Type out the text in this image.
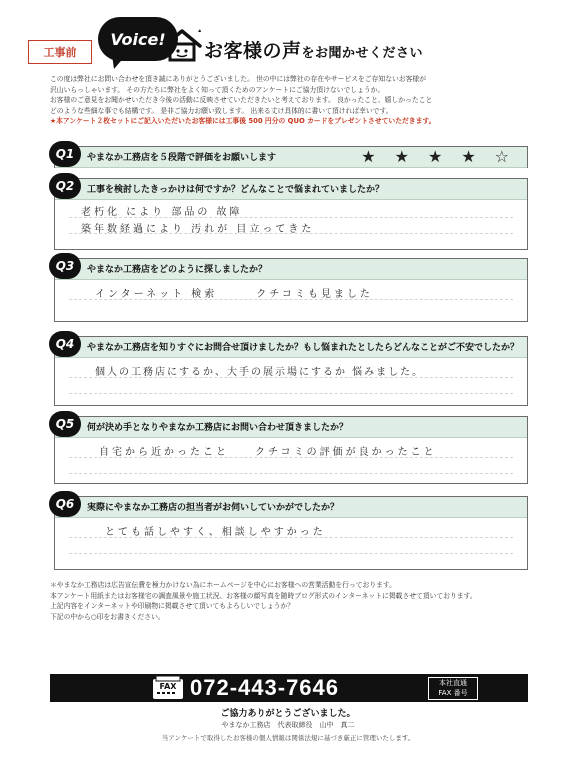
工事前
Voice!
お客様の声をお聞かせください

この度は弊社にお問い合わせを頂き誠にありがとうございました。 世の中には弊社の存在やサービスをご存知ないお客様が

沢山いらっしゃいます。 その方たちに弊社をよく知って頂くためのアンケートにご協力頂けないでしょうか。

お客様のご意見をお聞かせいただき今後の活動に反映させていただきたいと考えております。 良かったこと、嬉しかったこと

どのような些細な事でも結構です。 是非ご協力お願い致します。 出来る丈け具体的に書いて頂ければ幸いです。

★本アンケート２枚セットにご記入いただいたお客様には工事後 500 円分の QUO カードをプレゼントさせていただきます。

Q1	やまなか工務店を５段階で評価をお願いします	★ ★ ★ ★ ☆
Q2	工事を検討したきっかけは何ですか？どんなことで悩まれていましたか？
老朽化 により 部品の 故障
築年数経過により 汚れが 目立ってきた
Q3	やまなか工務店をどのように探しましたか？
インターネット 検索　　　クチコミも見ました
Q4	やまなか工務店を知りすぐにお問合せ頂けましたか？もし悩まれたとしたらどんなことがご不安でしたか？
個人の工務店にするか、大手の展示場にするか 悩みました。
Q5	何が決め手となりやまなか工務店にお問い合わせ頂きましたか？
自宅から近かったこと　　クチコミの評価が良かったこと
Q6	実際にやまなか工務店の担当者がお伺いしていかがでしたか？
とても話しやすく、相談しやすかった

＊やまなか工務店は広告宣伝費を極力かけない為にホームページを中心にお客様への営業活動を行っております。

本アンケート用紙またはお客様宅の調査風景や施工状況、お客様の顔写真を随時ブログ形式のインターネットに掲載させて頂いております。

上記内容をインターネットや印刷物に掲載させて頂いてもよろしいでしょうか？

下記の中から○印をお書きください。

FAX 072-443-7646	本社直通
FAX 番号
ご協力ありがとうございました。
やまなか工務店　代表取締役　山中　真二
当アンケートで取得したお客様の個人情報は関係法規に基づき厳正に管理いたします。
